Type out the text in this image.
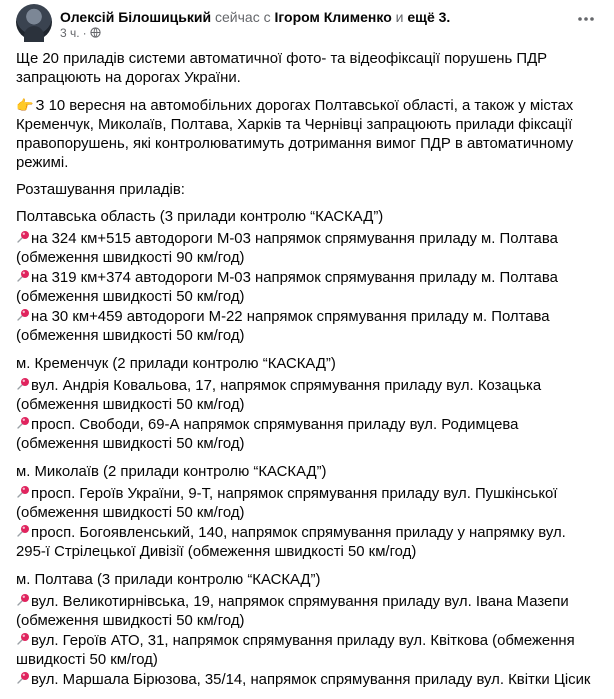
Олексій Білошицький сейчас с Ігором Клименко и ещё 3.
3 ч. ·

Ще 20 приладів системи автоматичної фото- та відеофіксації порушень ПДР запрацюють на дорогах України.

👉 З 10 вересня на автомобільних дорогах Полтавської області, а також у містах Кременчук, Миколаїв, Полтава, Харків та Чернівці запрацюють прилади фіксації правопорушень, які контролюватимуть дотримання вимог ПДР в автоматичному режимі.

Розташування приладів:

Полтавська область (3 прилади контролю “КАСКАД”)

на 324 км+515 автодороги М-03 напрямок спрямування приладу м. Полтава (обмеження швидкості 90 км/год)

на 319 км+374 автодороги М-03 напрямок спрямування приладу м. Полтава (обмеження швидкості 50 км/год)

на 30 км+459 автодороги М-22 напрямок спрямування приладу м. Полтава (обмеження швидкості 50 км/год)

м. Кременчук (2 прилади контролю “КАСКАД”)

вул. Андрія Ковальова, 17, напрямок спрямування приладу вул. Козацька (обмеження швидкості 50 км/год)

просп. Свободи, 69-А напрямок спрямування приладу вул. Родимцева (обмеження швидкості 50 км/год)

м. Миколаїв (2 прилади контролю “КАСКАД”)

просп. Героїв України, 9-Т, напрямок спрямування приладу вул. Пушкінської (обмеження швидкості 50 км/год)

просп. Богоявленський, 140, напрямок спрямування приладу у напрямку вул. 295-ї Стрілецької Дивізії (обмеження швидкості 50 км/год)

м. Полтава (3 прилади контролю “КАСКАД”)

вул. Великотирнівська, 19, напрямок спрямування приладу вул. Івана Мазепи (обмеження швидкості 50 км/год)

вул. Героїв АТО, 31, напрямок спрямування приладу вул. Квіткова (обмеження швидкості 50 км/год)

вул. Маршала Бірюзова, 35/14, напрямок спрямування приладу вул. Квітки Цісик
